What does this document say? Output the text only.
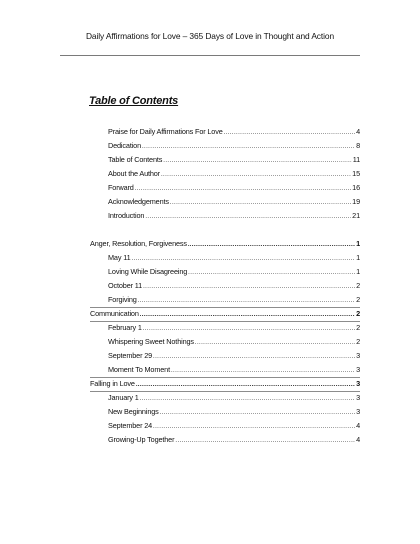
Daily Affirmations for Love – 365 Days of Love in Thought and Action
Table of Contents
Praise for Daily Affirmations For Love .....	4
Dedication .....	8
Table of Contents .....	11
About the Author .....	15
Forward .....	16
Acknowledgements .....	19
Introduction .....	21
Anger, Resolution, Forgiveness .....	1
May 11 .....	1
Loving While Disagreeing .....	1
October 11 .....	2
Forgiving .....	2
Communication .....	2
February 1 .....	2
Whispering Sweet Nothings .....	2
September 29 .....	3
Moment To Moment .....	3
Falling in Love .....	3
January 1 .....	3
New Beginnings .....	3
September 24 .....	4
Growing-Up Together .....	4
